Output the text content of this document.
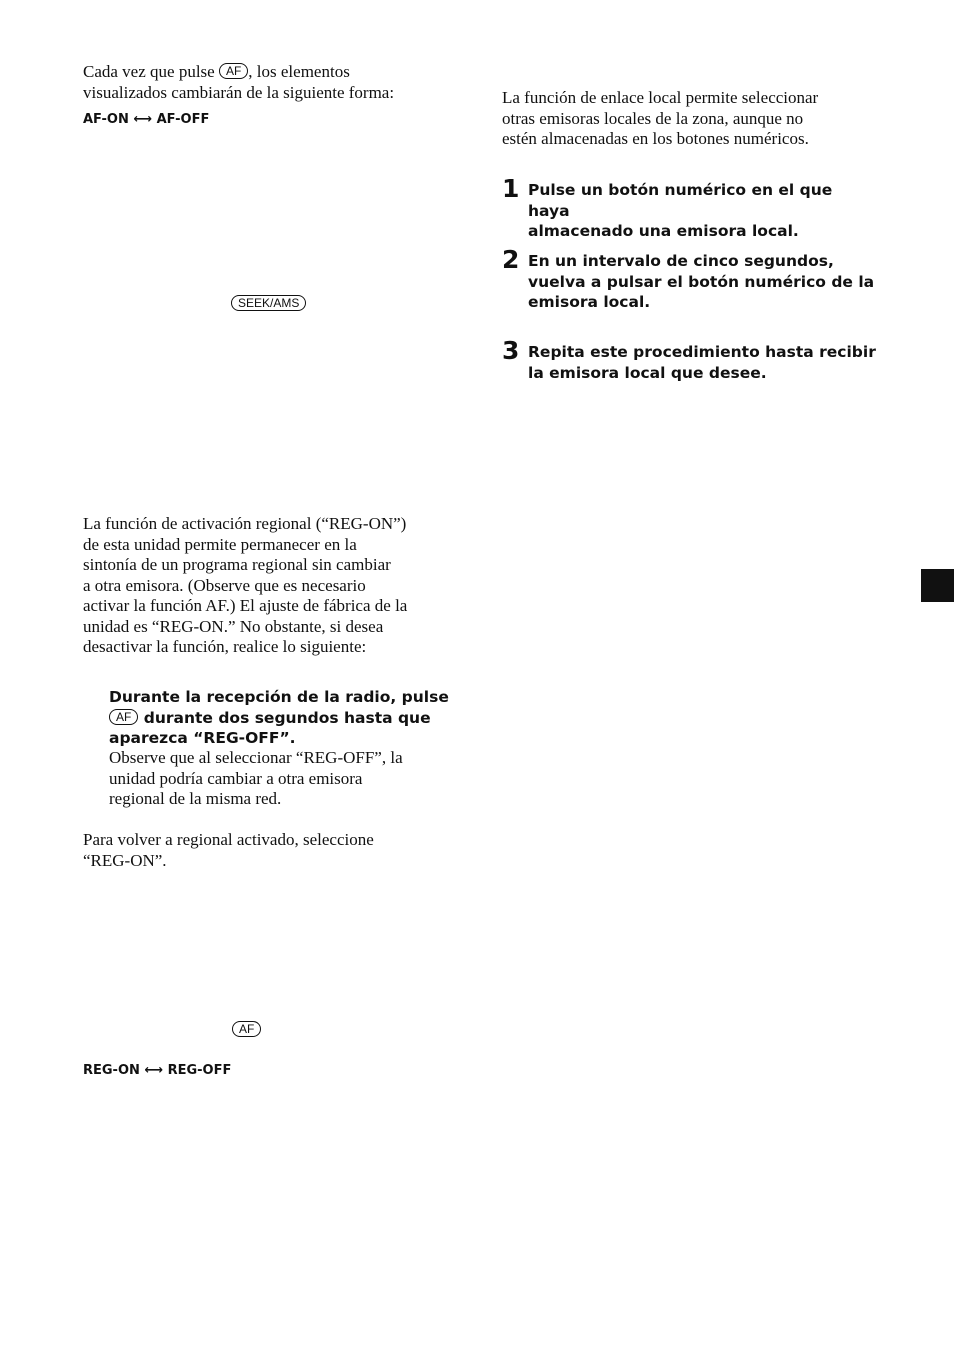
Cada vez que pulse AF , los elementos
visualizados cambiarán de la siguiente forma:
AF-ON ⟷ AF-OFF
SEEK/AMS
La función de activación regional (“REG-ON”)
de esta unidad permite permanecer en la
sintonía de un programa regional sin cambiar
a otra emisora. (Observe que es necesario
activar la función AF.) El ajuste de fábrica de la
unidad es “REG-ON.” No obstante, si desea
desactivar la función, realice lo siguiente:
Durante la recepción de la radio, pulse
AF durante dos segundos hasta que
aparezca “REG-OFF”.
Observe que al seleccionar “REG-OFF”, la
unidad podría cambiar a otra emisora
regional de la misma red.
Para volver a regional activado, seleccione
“REG-ON”.
AF
REG-ON ⟷ REG-OFF
La función de enlace local permite seleccionar
otras emisoras locales de la zona, aunque no
estén almacenadas en los botones numéricos.
1 Pulse un botón numérico en el que haya
almacenado una emisora local.
2 En un intervalo de cinco segundos,
vuelva a pulsar el botón numérico de la
emisora local.
3 Repita este procedimiento hasta recibir
la emisora local que desee.
